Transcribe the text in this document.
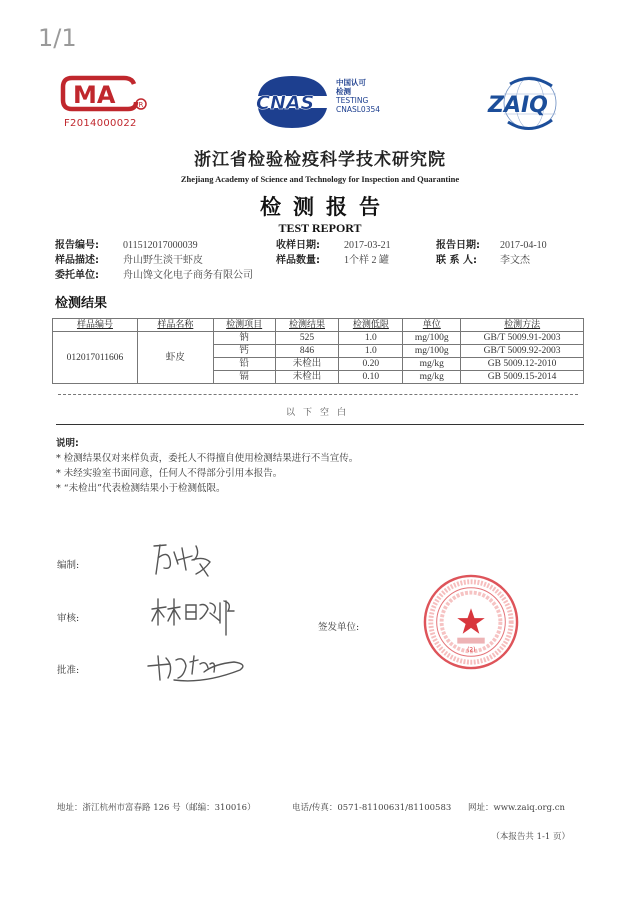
1/1
MA	R
F2014000022
CNAS
中国认可
检测
TESTING
CNASL0354	ZAIQ
浙江省检验检疫科学技术研究院
Zhejiang Academy of Science and Technology for Inspection and Quarantine
检测报告
TEST REPORT
报告编号: 011512017000039	收样日期: 2017-03-21	报告日期: 2017-04-10
样品描述: 舟山野生淡干虾皮	样品数量: 1个样 2 罐	联 系 人: 李文杰
委托单位: 舟山馋文化电子商务有限公司
检测结果
样品编号	样品名称	检测项目	检测结果	检测低限	单位	检测方法
012017011606	虾皮	钠	525	1.0	mg/100g	GB/T 5009.91-2003
		钙	846	1.0	mg/100g	GB/T 5009.92-2003
		铅	未检出	0.20	mg/kg	GB 5009.12-2010
		镉	未检出	0.10	mg/kg	GB 5009.15-2014
以下空白
说明:
* 检测结果仅对来样负责，委托人不得擅自使用检测结果进行不当宣传。
* 未经实验室书面同意，任何人不得部分引用本报告。
* “未检出”代表检测结果小于检测低限。
编制:
审核:
批准:
签发单位:
(2)
地址：浙江杭州市富春路 126 号（邮编：310016）	电话/传真：0571-81100631/81100583 网址：www.zaiq.org.cn
（本报告共 1-1 页）
